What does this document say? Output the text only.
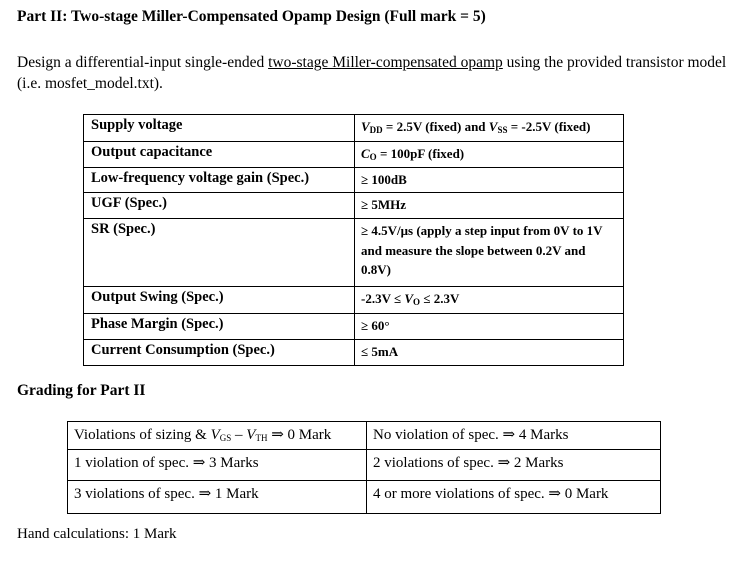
Part II: Two-stage Miller-Compensated Opamp Design (Full mark = 5)
Design a differential-input single-ended two-stage Miller-compensated opamp using the provided transistor model (i.e. mosfet_model.txt).
Supply voltage	$V_{DD} = 2.5V$ (fixed) and $V_{SS} = -2.5V$ (fixed)
Output capacitance	$C_O = 100pF$ (fixed)
Low-frequency voltage gain (Spec.)	≥ 100dB
UGF (Spec.)	≥ 5MHz
SR (Spec.)	≥ 4.5V/μs (apply a step input from 0V to 1V and measure the slope between 0.2V and 0.8V)
Output Swing (Spec.)	$-2.3V \le V_O \le 2.3V$
Phase Margin (Spec.)	≥ 60°
Current Consumption (Spec.)	≤ 5mA
Grading for Part II
Violations of sizing & $V_{GS} - V_{TH}$ ⇒ 0 Mark	No violation of spec. ⇒ 4 Marks
1 violation of spec. ⇒ 3 Marks	2 violations of spec. ⇒ 2 Marks
3 violations of spec. ⇒ 1 Mark	4 or more violations of spec. ⇒ 0 Mark
Hand calculations: 1 Mark
